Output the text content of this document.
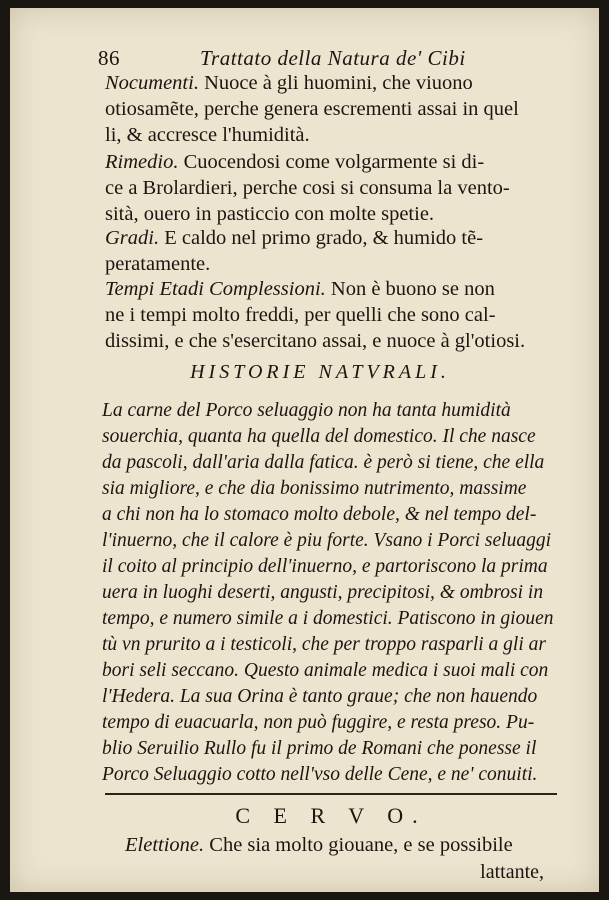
86	Trattato della Natura de' Cibi
Nocumenti. Nuoce à gli huomini, che viuono
otiosamẽte, perche genera escrementi assai in quel
li, & accresce l'humidità.
Rimedio. Cuocendosi come volgarmente si di-
ce a Brolardieri, perche cosi si consuma la vento-
sità, ouero in pasticcio con molte spetie.
Gradi. E caldo nel primo grado, & humido tẽ-
peratamente.
Tempi Etadi Complessioni. Non è buono se non
ne i tempi molto freddi, per quelli che sono cal-
dissimi, e che s'esercitano assai, e nuoce à gl'otiosi.
HISTORIE NATVRALI.
La carne del Porco seluaggio non ha tanta humidità
souerchia, quanta ha quella del domestico. Il che nasce
da pascoli, dall'aria dalla fatica. è però si tiene, che ella
sia migliore, e che dia bonissimo nutrimento, massime
a chi non ha lo stomaco molto debole, & nel tempo del-
l'inuerno, che il calore è piu forte. Vsano i Porci seluaggi
il coito al principio dell'inuerno, e partoriscono la prima
uera in luoghi deserti, angusti, precipitosi, & ombrosi in
tempo, e numero simile a i domestici. Patiscono in giouen
tù vn prurito a i testicoli, che per troppo rasparli a gli ar
bori seli seccano. Questo animale medica i suoi mali con
l'Hedera. La sua Orina è tanto graue; che non hauendo
tempo di euacuarla, non può fuggire, e resta preso. Pu-
blio Seruilio Rullo fu il primo de Romani che ponesse il
Porco Seluaggio cotto nell'vso delle Cene, e ne' conuiti.
C E R V O.
Elettione. Che sia molto giouane, e se possibile
lattante,
